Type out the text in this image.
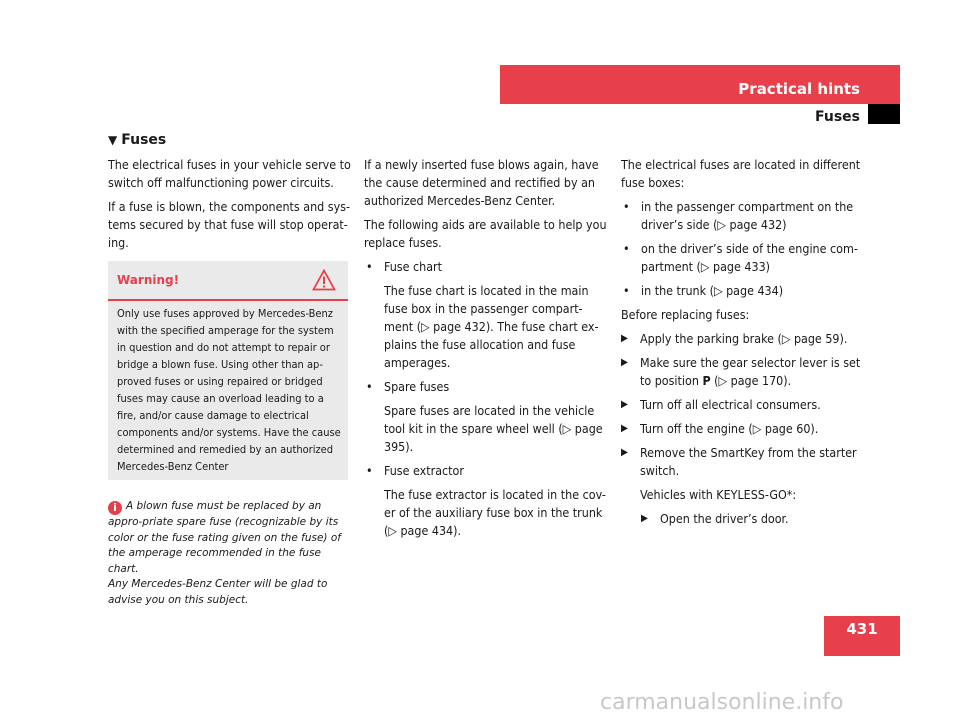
Practical hints
Fuses
▼ Fuses

The electrical fuses in your vehicle serve to switch off malfunctioning power circuits.

If a fuse is blown, the components and sys-tems secured by that fuse will stop operat-ing.

Warning!
Only use fuses approved by Mercedes-Benz with the specified amperage for the system in question and do not attempt to repair or bridge a blown fuse. Using other than ap-proved fuses or using repaired or bridged fuses may cause an overload leading to a fire, and/or cause damage to electrical components and/or systems. Have the cause determined and remedied by an authorized Mercedes-Benz Center
i A blown fuse must be replaced by an appro-priate spare fuse (recognizable by its color or the fuse rating given on the fuse) of the amperage recommended in the fuse chart.
Any Mercedes-Benz Center will be glad to advise you on this subject.

If a newly inserted fuse blows again, have the cause determined and rectified by an authorized Mercedes-Benz Center.

The following aids are available to help you replace fuses.

• Fuse chart
The fuse chart is located in the main fuse box in the passenger compart-ment (▷ page 432). The fuse chart ex-plains the fuse allocation and fuse amperages.
• Spare fuses
Spare fuses are located in the vehicle tool kit in the spare wheel well (▷ page 395).
• Fuse extractor
The fuse extractor is located in the cov-er of the auxiliary fuse box in the trunk (▷ page 434).

The electrical fuses are located in different fuse boxes:

• in the passenger compartment on the driver’s side (▷ page 432)
• on the driver’s side of the engine com-partment (▷ page 433)
• in the trunk (▷ page 434)

Before replacing fuses:

▶ Apply the parking brake (▷ page 59).
▶ Make sure the gear selector lever is set to position P (▷ page 170).
▶ Turn off all electrical consumers.
▶ Turn off the engine (▷ page 60).
▶ Remove the SmartKey from the starter switch.
Vehicles with KEYLESS-GO*:
▶ Open the driver’s door.
431
carmanualsonline.info
